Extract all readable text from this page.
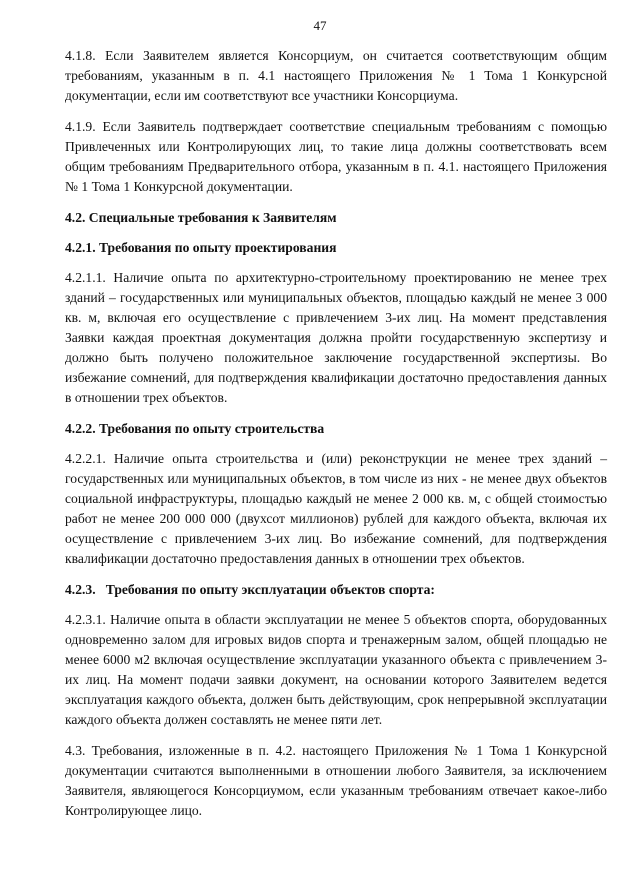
47

4.1.8. Если Заявителем является Консорциум, он считается соответствующим общим требованиям, указанным в п. 4.1 настоящего Приложения № 1 Тома 1 Конкурсной документации, если им соответствуют все участники Консорциума.

4.1.9. Если Заявитель подтверждает соответствие специальным требованиям с помощью Привлеченных или Контролирующих лиц, то такие лица должны соответствовать всем общим требованиям Предварительного отбора, указанным в п. 4.1. настоящего Приложения № 1 Тома 1 Конкурсной документации.

4.2. Специальные требования к Заявителям
4.2.1. Требования по опыту проектирования

4.2.1.1. Наличие опыта по архитектурно-строительному проектированию не менее трех зданий – государственных или муниципальных объектов, площадью каждый не менее 3 000 кв. м, включая его осуществление с привлечением 3-их лиц. На момент представления Заявки каждая проектная документация должна пройти государственную экспертизу и должно быть получено положительное заключение государственной экспертизы. Во избежание сомнений, для подтверждения квалификации достаточно предоставления данных в отношении трех объектов.

4.2.2. Требования по опыту строительства

4.2.2.1. Наличие опыта строительства и (или) реконструкции не менее трех зданий – государственных или муниципальных объектов, в том числе из них - не менее двух объектов социальной инфраструктуры, площадью каждый не менее 2 000 кв. м, с общей стоимостью работ не менее 200 000 000 (двухсот миллионов) рублей для каждого объекта, включая их осуществление с привлечением 3-их лиц. Во избежание сомнений, для подтверждения квалификации достаточно предоставления данных в отношении трех объектов.

4.2.3.   Требования по опыту эксплуатации объектов спорта:

4.2.3.1. Наличие опыта в области эксплуатации не менее 5 объектов спорта, оборудованных одновременно залом для игровых видов спорта и тренажерным залом, общей площадью не менее 6000 м2 включая осуществление эксплуатации указанного объекта с привлечением 3-их лиц. На момент подачи заявки документ, на основании которого Заявителем ведется эксплуатация каждого объекта, должен быть действующим, срок непрерывной эксплуатации каждого объекта должен составлять не менее пяти лет.

4.3. Требования, изложенные в п. 4.2. настоящего Приложения № 1 Тома 1 Конкурсной документации считаются выполненными в отношении любого Заявителя, за исключением Заявителя, являющегося Консорциумом, если указанным требованиям отвечает какое-либо Контролирующее лицо.
